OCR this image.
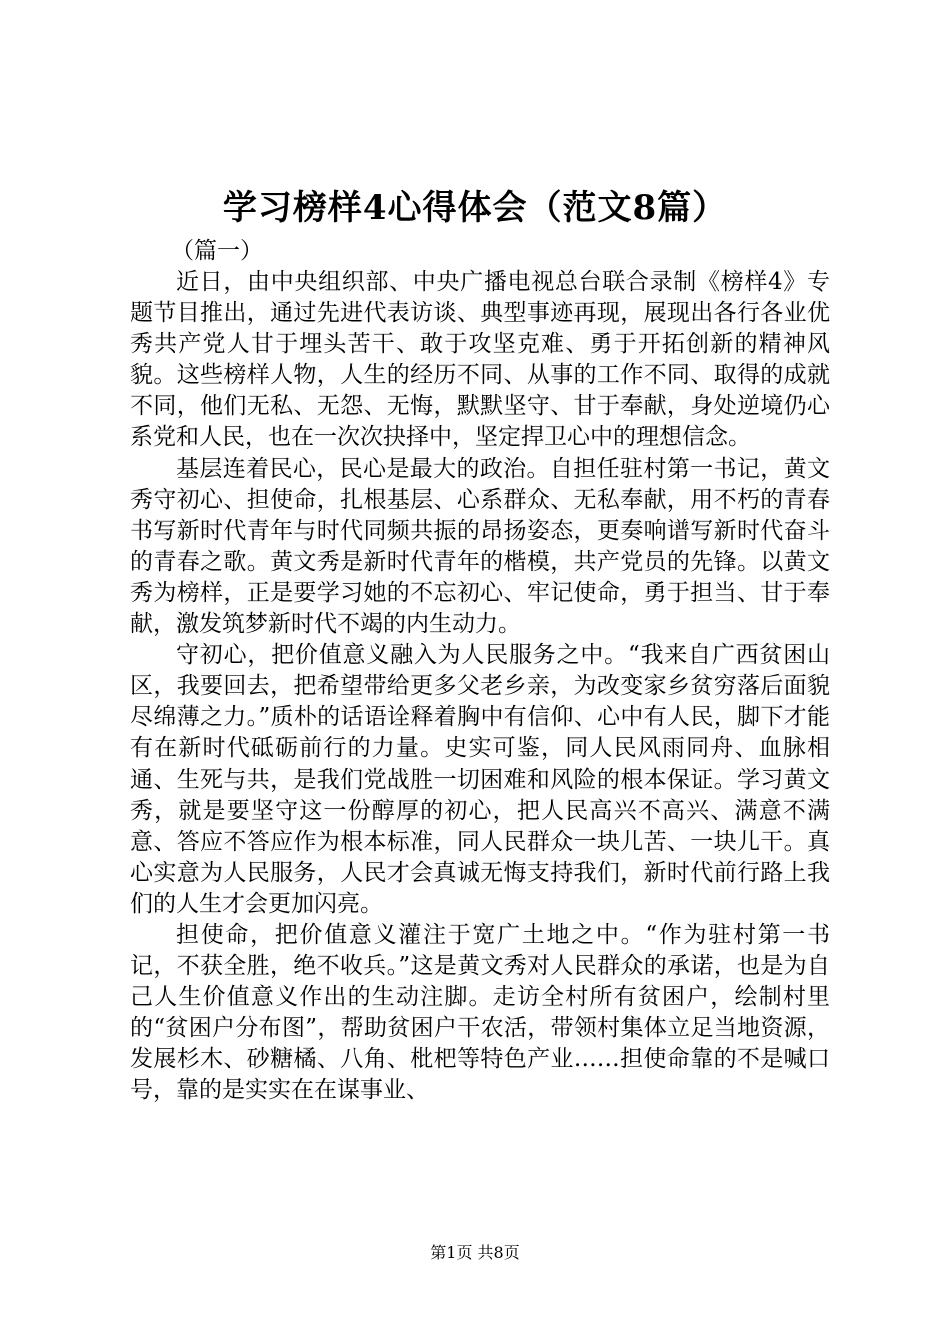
学习榜样4心得体会（范文8篇）
（篇一）

近日，由中央组织部、中央广播电视总台联合录制《榜样4》专题节目推出，通过先进代表访谈、典型事迹再现，展现出各行各业优秀共产党人甘于埋头苦干、敢于攻坚克难、勇于开拓创新的精神风貌。这些榜样人物，人生的经历不同、从事的工作不同、取得的成就不同，他们无私、无怨、无悔，默默坚守、甘于奉献，身处逆境仍心系党和人民，也在一次次抉择中，坚定捍卫心中的理想信念。

基层连着民心，民心是最大的政治。自担任驻村第一书记，黄文秀守初心、担使命，扎根基层、心系群众、无私奉献，用不朽的青春书写新时代青年与时代同频共振的昂扬姿态，更奏响谱写新时代奋斗的青春之歌。黄文秀是新时代青年的楷模，共产党员的先锋。以黄文秀为榜样，正是要学习她的不忘初心、牢记使命，勇于担当、甘于奉献，激发筑梦新时代不竭的内生动力。

守初心，把价值意义融入为人民服务之中。“我来自广西贫困山区，我要回去，把希望带给更多父老乡亲，为改变家乡贫穷落后面貌尽绵薄之力。”质朴的话语诠释着胸中有信仰、心中有人民，脚下才能有在新时代砥砺前行的力量。史实可鉴，同人民风雨同舟、血脉相通、生死与共，是我们党战胜一切困难和风险的根本保证。学习黄文秀，就是要坚守这一份醇厚的初心，把人民高兴不高兴、满意不满意、答应不答应作为根本标准，同人民群众一块儿苦、一块儿干。真心实意为人民服务，人民才会真诚无悔支持我们，新时代前行路上我们的人生才会更加闪亮。

担使命，把价值意义灌注于宽广土地之中。“作为驻村第一书记，不获全胜，绝不收兵。”这是黄文秀对人民群众的承诺，也是为自己人生价值意义作出的生动注脚。走访全村所有贫困户，绘制村里的“贫困户分布图”，帮助贫困户干农活，带领村集体立足当地资源，发展杉木、砂糖橘、八角、枇杷等特色产业……担使命靠的不是喊口号，靠的是实实在在谋事业、

第1页 共8页
